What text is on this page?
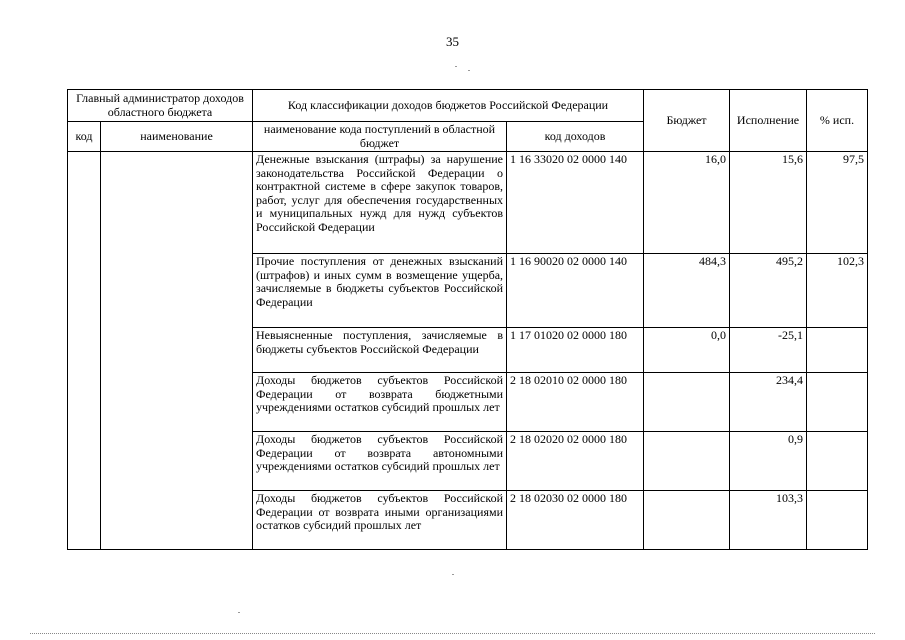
35
Главный администратор доходов областного бюджета		Код классификации доходов бюджетов Российской Федерации		Бюджет	Исполнение	% исп.
код	наименование	наименование кода поступлений в областной бюджет	код доходов			
		Денежные взыскания (штрафы) за нарушение законодательства Российской Федерации о контрактной системе в сфере закупок товаров, работ, услуг для обеспечения государственных и муниципальных нужд для нужд субъектов Российской Федерации	1 16 33020 02 0000 140	16,0	15,6	97,5
		Прочие поступления от денежных взысканий (штрафов) и иных сумм в возмещение ущерба, зачисляемые в бюджеты субъектов Российской Федерации	1 16 90020 02 0000 140	484,3	495,2	102,3
		Невыясненные поступления, зачисляемые в бюджеты субъектов Российской Федерации	1 17 01020 02 0000 180	0,0	-25,1	
		Доходы бюджетов субъектов Российской Федерации от возврата бюджетными учреждениями остатков субсидий прошлых лет	2 18 02010 02 0000 180		234,4	
		Доходы бюджетов субъектов Российской Федерации от возврата автономными учреждениями остатков субсидий прошлых лет	2 18 02020 02 0000 180		0,9	
		Доходы бюджетов субъектов Российской Федерации от возврата иными организациями остатков субсидий прошлых лет	2 18 02030 02 0000 180		103,3	
